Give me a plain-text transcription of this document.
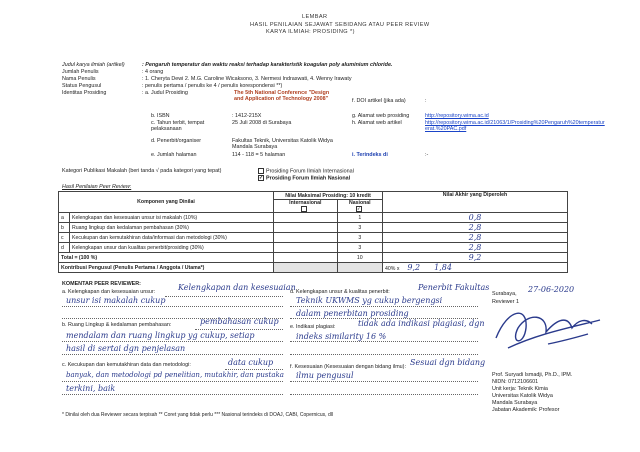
LEMBAR
HASIL PENILAIAN SEJAWAT SEBIDANG ATAU PEER REVIEW
KARYA ILMIAH: PROSIDING *)
Judul karya ilmiah (artikel)	: Pengaruh temperatur dan waktu reaksi terhadap karakteristik koagulan poly aluminium chloride.
Jumlah Penulis	: 4 orang
Nama Penulis	: 1. Cheryta Dewi 2. M.G. Caroline Wicaksono, 3. Nermesi Indraswati, 4. Wenny Irawaty
Status Pengusul	: penulis pertama / penulis ke 4 / penulis korespondensi **)
Identitas Prosiding	: a. Judul Prosiding	The 5th National Conference "Design
and Application of Technology 2008"
b. ISBN	: 1412-215X
c. Tahun terbit, tempat pelaksanaan
25 Juli 2008 di Surabaya
d. Penerbit/organiser	Fakultas Teknik, Universitas Katolik Widya
Mandala Surabaya
e. Jumlah halaman	114 - 118 = 5 halaman
f. DOI artikel (jika ada)	:
g. Alamat web prosiding	http://repository.wima.ac.id
h. Alamat web artikel	http://repository.wima.ac.id/21063/1/Prosiding%20Pengaruh%20temperatur
erat.%20PAC.pdf
i. Terindeks di	:-
Kategori Publikasi Makalah (beri tanda √ pada kategori yang tepat)	Prosiding Forum Ilmiah Internasional
✓ Prosiding Forum Ilmiah Nasional
Hasil Penilaian Peer Review:
Komponen yang Dinilai		Nilai Maksimal Prosiding: 10 kredit		Nilai Akhir yang Diperoleh
		Internasional	Nasional
✓	
a	Kelengkapan dan kesesuaian unsur isi makalah (10%)		1	0,8
b	Ruang lingkup dan kedalaman pembahasan (30%)		3	2,8
c	Kecukupan dan kemutakhiran data/informasi dan metodologi (30%)		3	2,8
d	Kelengkapan unsur dan kualitas penerbit/prosiding (30%)		3	2,8
Total = (100 %)			10	9,2
Kontribusi Pengusul (Penulis Pertama / Anggota / Utama*)				40% x 9,2 1,84
KOMENTAR PEER REVIEWER:
a. Kelengkapan dan kesesuaian unsur:	Kelengkapan dan kesesuaian
unsur isi makalah cukup
b. Ruang Lingkup & kedalaman pembahasan:	pembahasan cukup
mendalam dan ruang lingkup yg cukup, setiap
hasil di sertai dgn penjelasan
c. Kecukupan dan kemutakhiran data dan metodologi:	data cukup
banyak, dan metodologi pd penelitian, mutakhir, dan pustaka
terkini, baik
d. Kelengkapan unsur & kualitas penerbit:	Penerbit Fakultas
Teknik UKWMS yg cukup bergengsi
dalam penerbitan prosiding
e. Indikasi plagiasi:	tidak ada indikasi plagiasi, dgn
indeks similarity 16 %
f. Kesesuaian (Kesesuaian dengan bidang ilmu): Sesuai dgn bidang
ilmu pengusul
Surabaya, 27-06-2020
Reviewer 1
Prof. Suryadi Ismadji, Ph.D., IPM.
NIDN: 0712106601
Unit kerja: Teknik Kimia
Universitas Katolik Widya
Mandala Surabaya
Jabatan Akademik: Profesor
* Dinilai oleh dua Reviewer secara terpisah ** Coret yang tidak perlu *** Nasional terindeks di DOAJ, CABI, Copernicus, dll
